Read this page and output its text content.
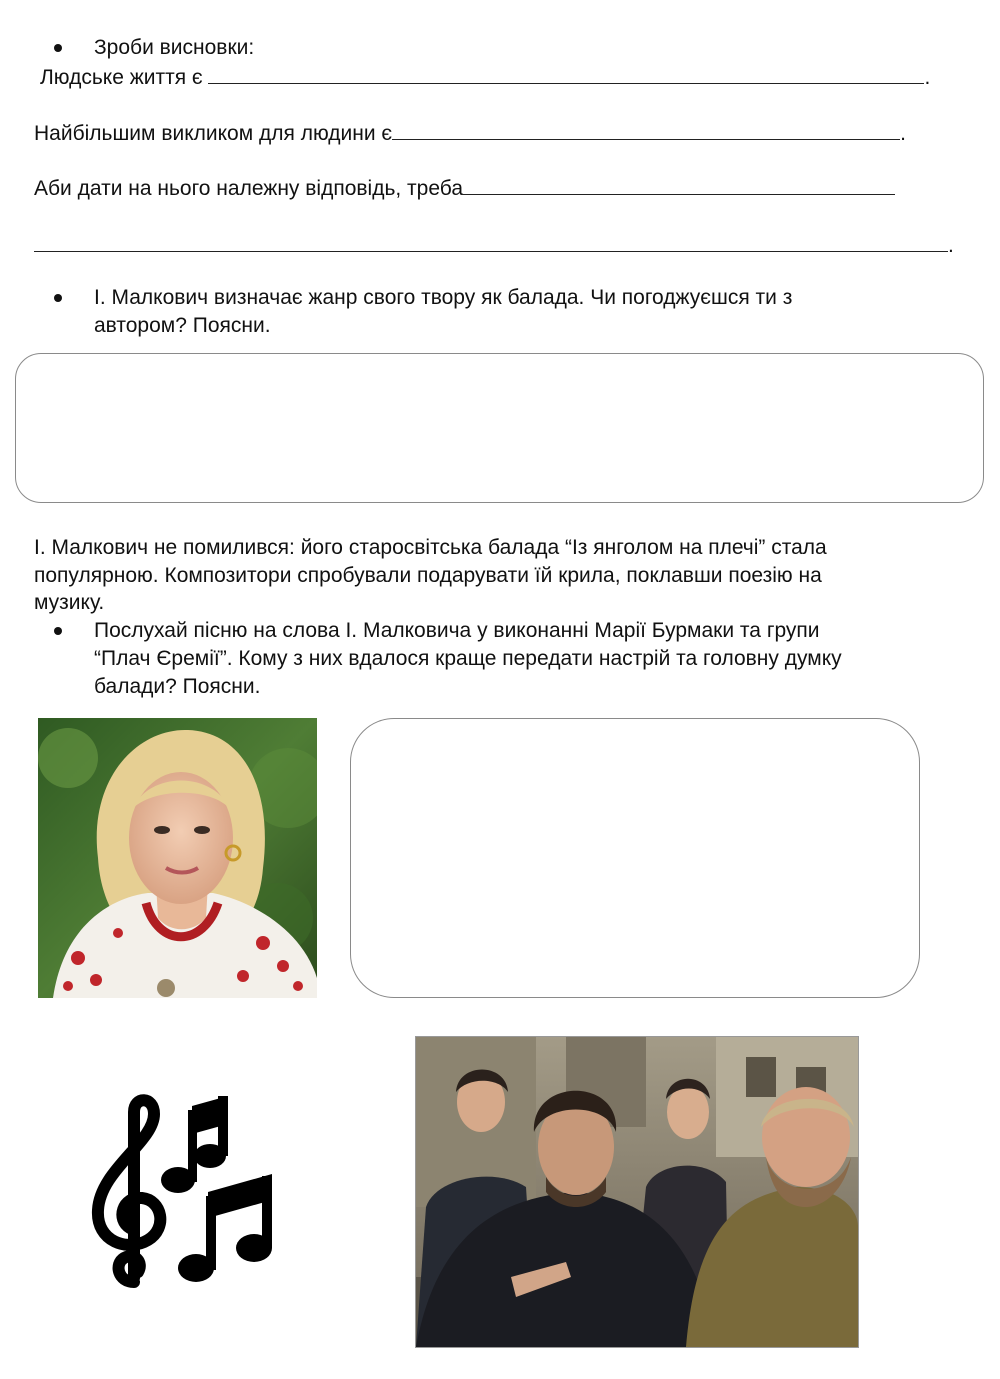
Зроби висновки:
Людське життя є	.
Найбільшим викликом для людини є	.
Аби дати на нього належну відповідь, треба
.
І. Малкович визначає жанр свого твору як балада. Чи погоджуєшся ти з
автором? Поясни.
І. Малкович не помилився: його старосвітська балада “Із янголом на плечі” стала
популярною. Композитори спробували подарувати їй крила, поклавши поезію на
музику.
Послухай пісню на слова І. Малковича у виконанні Марії Бурмаки та групи
“Плач Єремії”. Кому з них вдалося краще передати настрій та головну думку
балади? Поясни.
